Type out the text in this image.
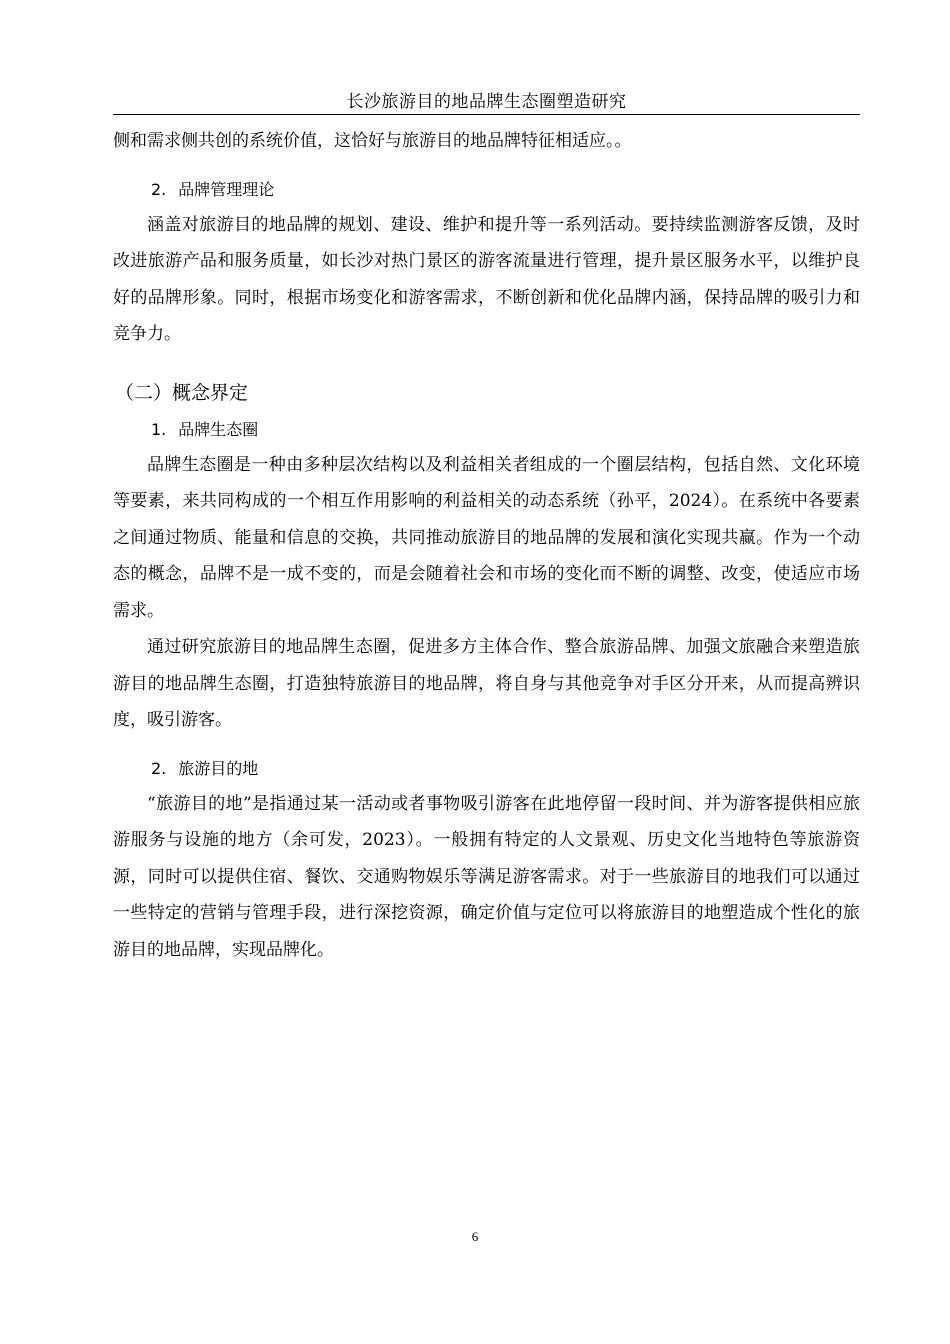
长沙旅游目的地品牌生态圈塑造研究

侧和需求侧共创的系统价值，这恰好与旅游目的地品牌特征相适应。。

2. 品牌管理理论

涵盖对旅游目的地品牌的规划、建设、维护和提升等一系列活动。要持续监测游客反馈，及时改进旅游产品和服务质量，如长沙对热门景区的游客流量进行管理，提升景区服务水平，以维护良好的品牌形象。同时，根据市场变化和游客需求，不断创新和优化品牌内涵，保持品牌的吸引力和竞争力。

（二）概念界定

1. 品牌生态圈

品牌生态圈是一种由多种层次结构以及利益相关者组成的一个圈层结构，包括自然、文化环境等要素，来共同构成的一个相互作用影响的利益相关的动态系统（孙平，2024）。在系统中各要素之间通过物质、能量和信息的交换，共同推动旅游目的地品牌的发展和演化实现共赢。作为一个动态的概念，品牌不是一成不变的，而是会随着社会和市场的变化而不断的调整、改变，使适应市场需求。

通过研究旅游目的地品牌生态圈，促进多方主体合作、整合旅游品牌、加强文旅融合来塑造旅游目的地品牌生态圈，打造独特旅游目的地品牌，将自身与其他竞争对手区分开来，从而提高辨识度，吸引游客。

2. 旅游目的地

“旅游目的地”是指通过某一活动或者事物吸引游客在此地停留一段时间、并为游客提供相应旅游服务与设施的地方（余可发，2023）。一般拥有特定的人文景观、历史文化当地特色等旅游资源，同时可以提供住宿、餐饮、交通购物娱乐等满足游客需求。对于一些旅游目的地我们可以通过一些特定的营销与管理手段，进行深挖资源，确定价值与定位可以将旅游目的地塑造成个性化的旅游目的地品牌，实现品牌化。

6
